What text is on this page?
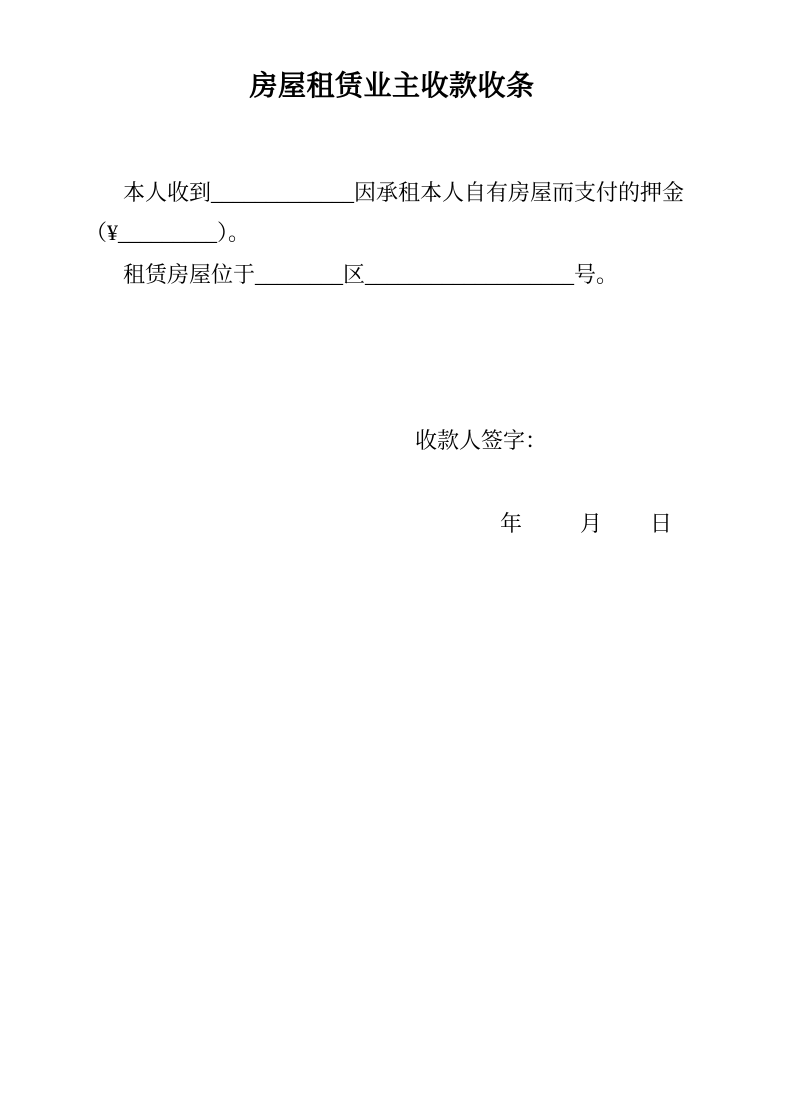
房屋租赁业主收款收条

本人收到_____________因承租本人自有房屋而支付的押金

（¥_________）。

租赁房屋位于________区___________________号。

收款人签字：

年	月 日
